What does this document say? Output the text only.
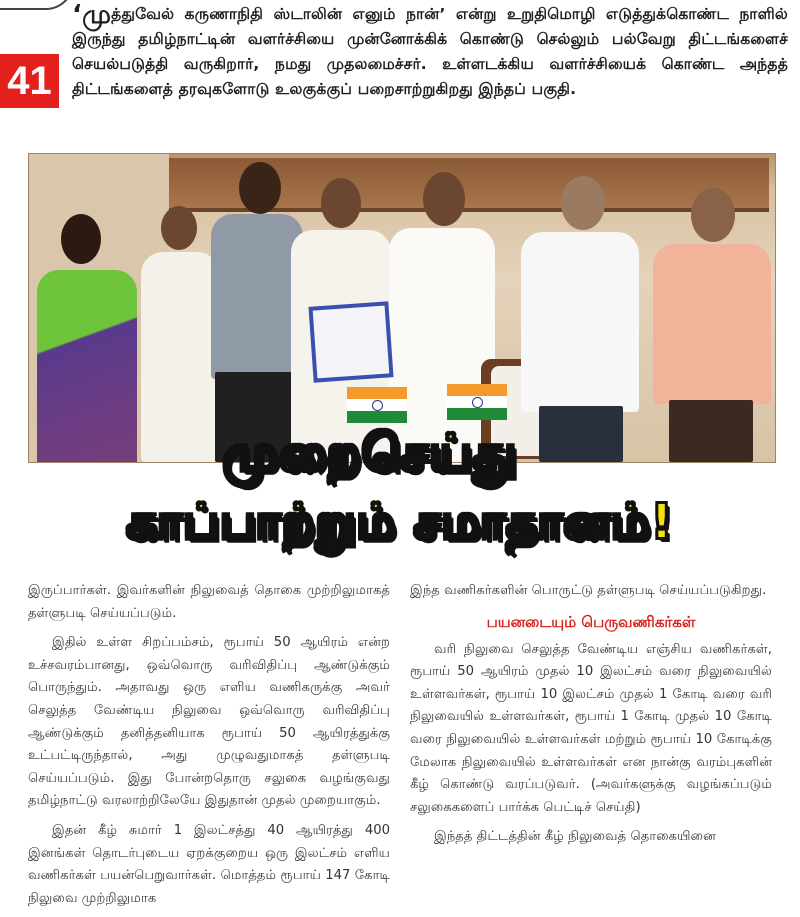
41
‘முத்துவேல் கருணாநிதி ஸ்டாலின் எனும் நான்’ என்று உறுதிமொழி எடுத்துக்கொண்ட நாளில் இருந்து தமிழ்நாட்டின் வளர்ச்சியை முன்னோக்கிக் கொண்டு செல்லும் பல்வேறு திட்டங்களைச் செயல்படுத்தி வருகிறார், நமது முதலமைச்சர். உள்ளடக்கிய வளர்ச்சியைக் கொண்ட அந்தத் திட்டங்களைத் தரவுகளோடு உலகுக்குப் பறைசாற்றுகிறது இந்தப் பகுதி.
முறைசெய்து
காப்பாற்றும் சமாதானம்!

இருப்பார்கள். இவர்களின் நிலுவைத் தொகை முற்றிலுமாகத் தள்ளுபடி செய்யப்படும்.

இதில் உள்ள சிறப்பம்சம், ரூபாய் 50 ஆயிரம் என்ற உச்சவரம்பானது, ஒவ்வொரு வரிவிதிப்பு ஆண்டுக்கும் பொருந்தும். அதாவது ஒரு எளிய வணிகருக்கு அவர் செலுத்த வேண்டிய நிலுவை ஒவ்வொரு வரிவிதிப்பு ஆண்டுக்கும் தனித்தனியாக ரூபாய் 50 ஆயிரத்துக்கு உட்பட்டிருந்தால், அது முழுவதுமாகத் தள்ளுபடி செய்யப்படும். இது போன்றதொரு சலுகை வழங்குவது தமிழ்நாட்டு வரலாற்றிலேயே இதுதான் முதல் முறையாகும்.

இதன் கீழ் சுமார் 1 இலட்சத்து 40 ஆயிரத்து 400 இனங்கள் தொடர்புடைய ஏறக்குறைய ஒரு இலட்சம் எளிய வணிகர்கள் பயன்பெறுவார்கள். மொத்தம் ரூபாய் 147 கோடி நிலுவை முற்றிலுமாக

இந்த வணிகர்களின் பொருட்டு தள்ளுபடி செய்யப்படுகிறது.

பயனடையும் பெருவணிகர்கள்

வரி நிலுவை செலுத்த வேண்டிய எஞ்சிய வணிகர்கள், ரூபாய் 50 ஆயிரம் முதல் 10 இலட்சம் வரை நிலுவையில் உள்ளவர்கள், ரூபாய் 10 இலட்சம் முதல் 1 கோடி வரை வரி நிலுவையில் உள்ளவர்கள், ரூபாய் 1 கோடி முதல் 10 கோடி வரை நிலுவையில் உள்ளவர்கள் மற்றும் ரூபாய் 10 கோடிக்கு மேலாக நிலுவையில் உள்ளவர்கள் என நான்கு வரம்புகளின் கீழ் கொண்டு வரப்படுவர். (அவர்களுக்கு வழங்கப்படும் சலுகைகளைப் பார்க்க பெட்டிச் செய்தி)

இந்தத் திட்டத்தின் கீழ் நிலுவைத் தொகையினை
